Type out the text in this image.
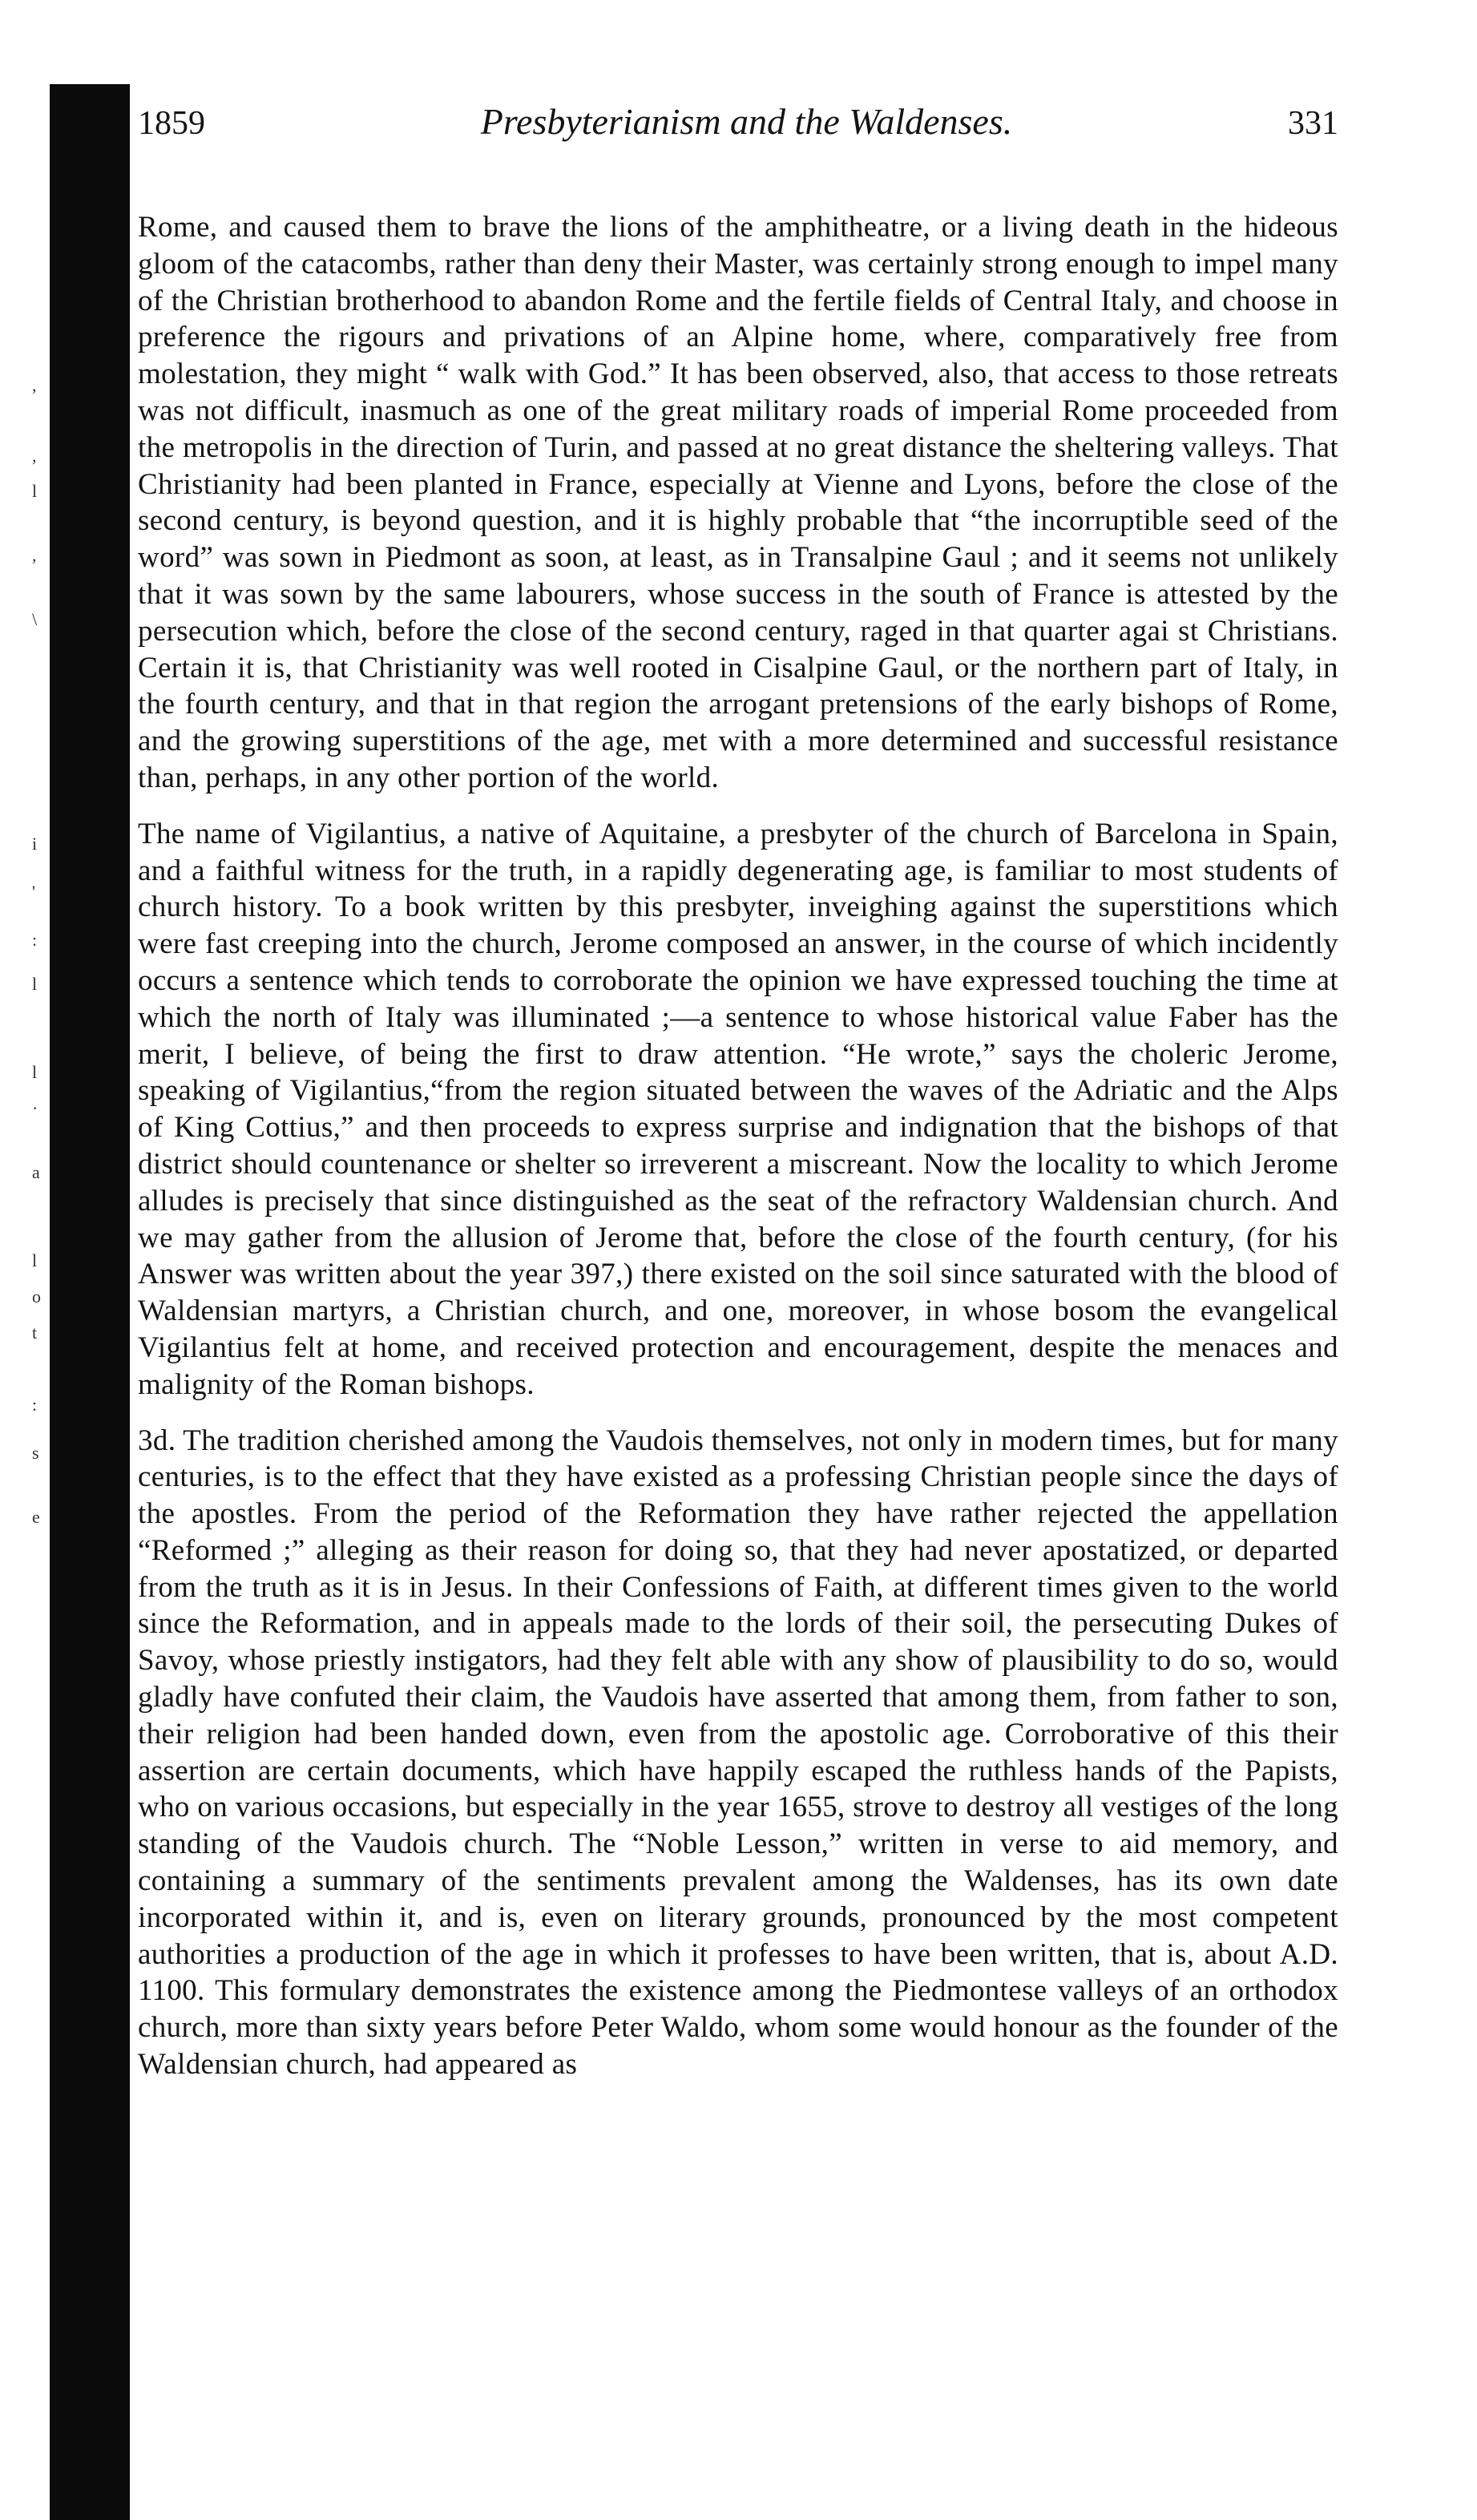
,
,
l
,
\
i
'
:
l
l
·
a
l
o
t
:
s
e
1859	Presbyterianism and the Waldenses.	331

Rome, and caused them to brave the lions of the amphitheatre, or a living death in the hideous gloom of the catacombs, rather than deny their Master, was certainly strong enough to impel many of the Christian brotherhood to abandon Rome and the fertile fields of Central Italy, and choose in preference the rigours and privations of an Alpine home, where, comparatively free from molestation, they might “ walk with God.” It has been observed, also, that access to those retreats was not difficult, inasmuch as one of the great military roads of imperial Rome proceeded from the metropolis in the direction of Turin, and passed at no great distance the sheltering valleys. That Christianity had been planted in France, especially at Vienne and Lyons, before the close of the second century, is beyond question, and it is highly probable that “the incorruptible seed of the word” was sown in Piedmont as soon, at least, as in Transalpine Gaul ; and it seems not unlikely that it was sown by the same labourers, whose success in the south of France is attested by the persecution which, before the close of the second century, raged in that quarter agai st Christians. Certain it is, that Christianity was well rooted in Cisalpine Gaul, or the northern part of Italy, in the fourth century, and that in that region the arrogant pretensions of the early bishops of Rome, and the growing superstitions of the age, met with a more determined and successful resistance than, perhaps, in any other portion of the world.

The name of Vigilantius, a native of Aquitaine, a presbyter of the church of Barcelona in Spain, and a faithful witness for the truth, in a rapidly degenerating age, is familiar to most students of church history. To a book written by this presbyter, inveighing against the superstitions which were fast creeping into the church, Jerome composed an answer, in the course of which incidently occurs a sentence which tends to corroborate the opinion we have expressed touching the time at which the north of Italy was illuminated ;—a sentence to whose historical value Faber has the merit, I believe, of being the first to draw attention. “He wrote,” says the choleric Jerome, speaking of Vigilantius,“from the region situated between the waves of the Adriatic and the Alps of King Cottius,” and then proceeds to express surprise and indignation that the bishops of that district should countenance or shelter so irreverent a miscreant. Now the locality to which Jerome alludes is precisely that since distinguished as the seat of the refractory Waldensian church. And we may gather from the allusion of Jerome that, before the close of the fourth century, (for his Answer was written about the year 397,) there existed on the soil since saturated with the blood of Waldensian martyrs, a Christian church, and one, moreover, in whose bosom the evangelical Vigilantius felt at home, and received protection and encouragement, despite the menaces and malignity of the Roman bishops.

3d. The tradition cherished among the Vaudois themselves, not only in modern times, but for many centuries, is to the effect that they have existed as a professing Christian people since the days of the apostles. From the period of the Reformation they have rather rejected the appellation “Reformed ;” alleging as their reason for doing so, that they had never apostatized, or departed from the truth as it is in Jesus. In their Confessions of Faith, at different times given to the world since the Reformation, and in appeals made to the lords of their soil, the persecuting Dukes of Savoy, whose priestly instigators, had they felt able with any show of plausibility to do so, would gladly have confuted their claim, the Vaudois have asserted that among them, from father to son, their religion had been handed down, even from the apostolic age. Corroborative of this their assertion are certain documents, which have happily escaped the ruthless hands of the Papists, who on various occasions, but especially in the year 1655, strove to destroy all vestiges of the long standing of the Vaudois church. The “Noble Lesson,” written in verse to aid memory, and containing a summary of the sentiments prevalent among the Waldenses, has its own date incorporated within it, and is, even on literary grounds, pronounced by the most competent authorities a production of the age in which it professes to have been written, that is, about A.D. 1100. This formulary demonstrates the existence among the Piedmontese valleys of an orthodox church, more than sixty years before Peter Waldo, whom some would honour as the founder of the Waldensian church, had appeared as
